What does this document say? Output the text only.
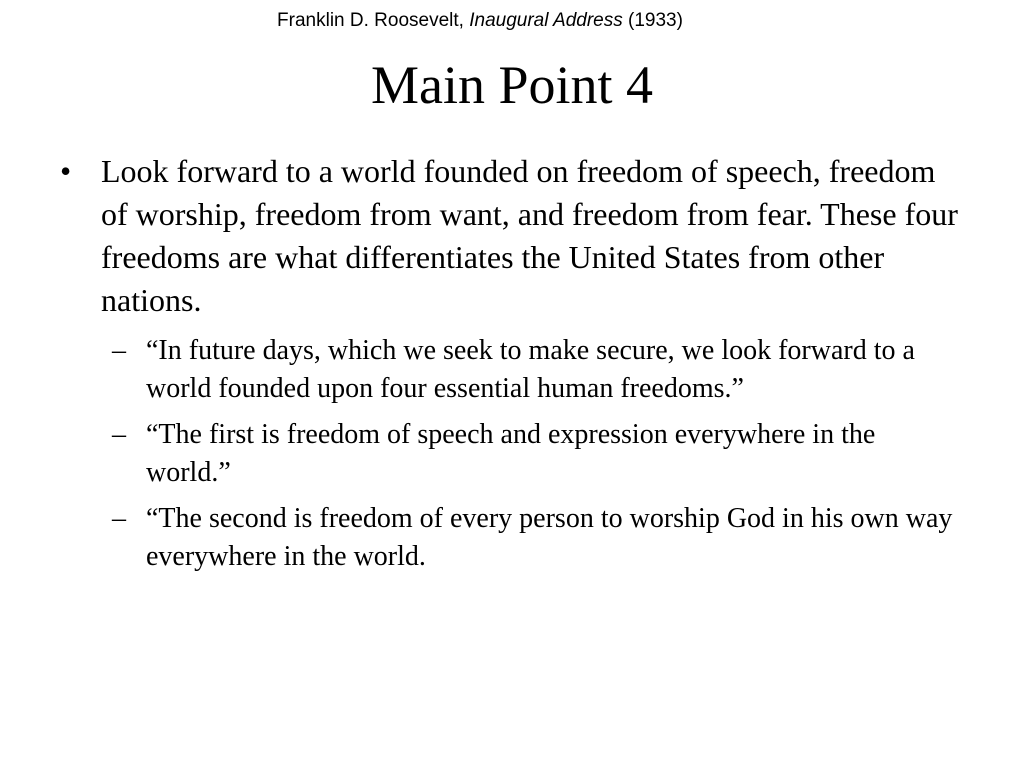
Franklin D. Roosevelt, Inaugural Address (1933)
Main Point 4
• Look forward to a world founded on freedom of speech, freedom of worship, freedom from want, and freedom from fear. These four freedoms are what differentiates the United States from other nations.
– “In future days, which we seek to make secure, we look forward to a world founded upon four essential human freedoms.”
– “The first is freedom of speech and expression everywhere in the world.”
– “The second is freedom of every person to worship God in his own way everywhere in the world.
